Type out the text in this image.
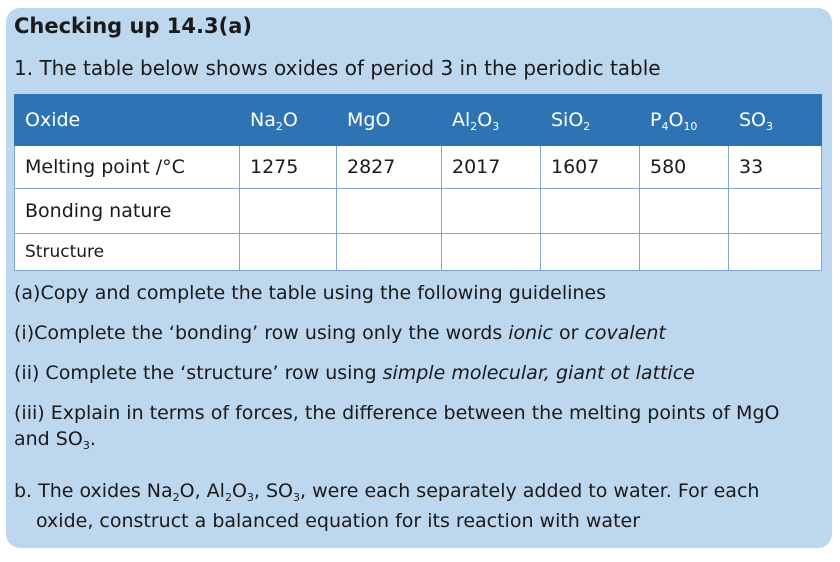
Checking up 14.3(a)
1. The table below shows oxides of period 3 in the periodic table
Oxide	$Na_2O$	MgO	$Al_2O_3$	SiO$_2$	$P_4O_{10}$	$SO_3$
Melting point /°C	1275	2827	2017	1607	580	33
Bonding nature						
Structure						
(a)Copy and complete the table using the following guidelines
(i)Complete the ‘bonding’ row using only the words ionic or covalent
(ii) Complete the ‘structure’ row using simple molecular, giant ot lattice
(iii) Explain in terms of forces, the difference between the melting points of MgO
and $SO_3$.
b. The oxides $Na_2O$, $Al_2O_3$, $SO_3$, were each separately added to water. For each
oxide, construct a balanced equation for its reaction with water
